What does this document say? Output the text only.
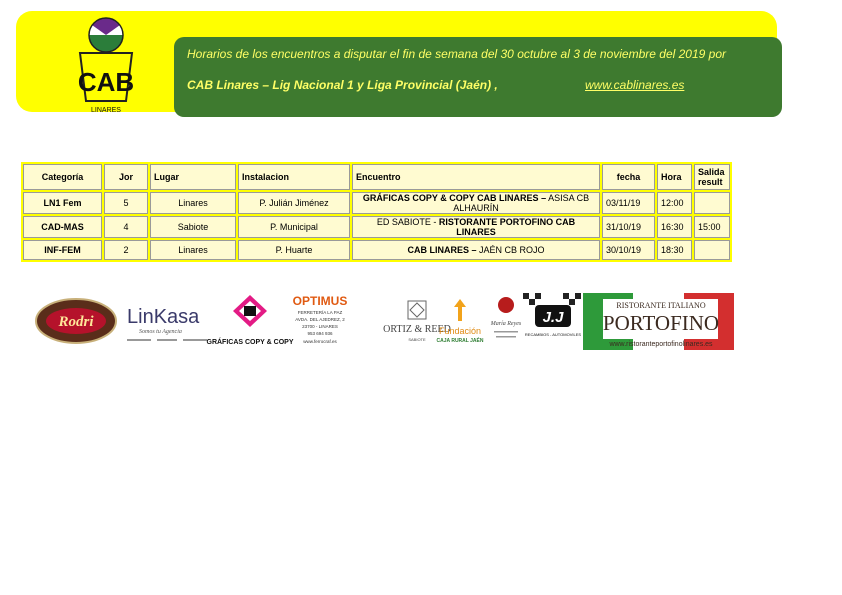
CAB
LINARES
Horarios de los encuentros a disputar el fin de semana del 30 octubre al 3 de noviembre del 2019 por
CAB Linares – Lig Nacional 1 y Liga Provincial (Jaén) ,	www.cablinares.es
Categoría	Jor	Lugar	Instalacion	Encuentro	fecha	Hora	Salida result
LN1 Fem	5	Linares	P. Julián Jiménez	GRÁFICAS COPY & COPY CAB LINARES – ASISA CB ALHAURÍN	03/11/19	12:00	
CAD-MAS	4	Sabiote	P. Municipal	ED SABIOTE - RISTORANTE PORTOFINO CAB LINARES	31/10/19	16:30	15:00
INF-FEM	2	Linares	P. Huarte	CAB LINARES – JAÉN CB ROJO	30/10/19	18:30	
Rodri LinKasa
Somos tu Agencia
GRÁFICAS COPY & COPY
OPTIMUS
FERRETERÍA LA PAZ
AVDA. DEL AJEDREZ, 2
23700 - LINARES
953 694 936
www.ferrocraf.es
ORTIZ & REED
SABIOTE
Fundación
CAJA RURAL JAÉN
María Reyes J.J
RECAMBIOS - AUTOMOVILES
RISTORANTE ITALIANO
PORTOFINO
www.ristoranteportofinolinares.es
